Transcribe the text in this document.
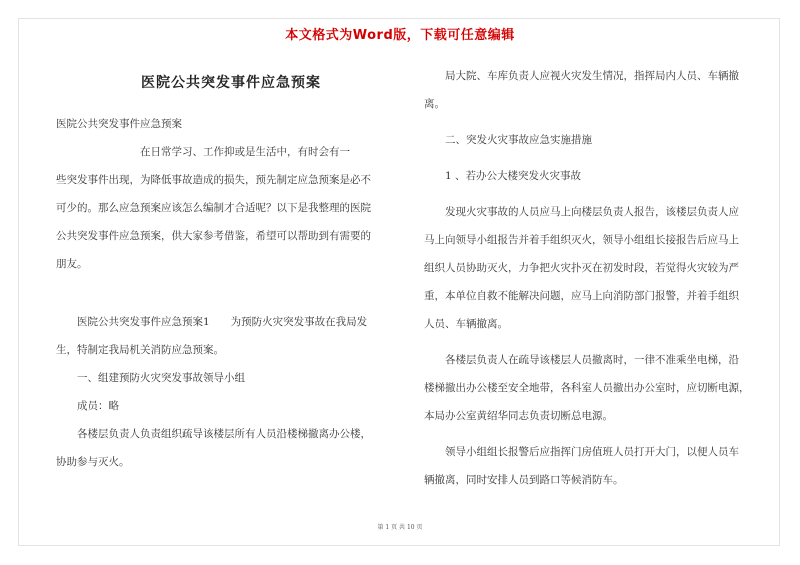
本文格式为Word版，下载可任意编辑
医院公共突发事件应急预案

医院公共突发事件应急预案

在日常学习、工作抑或是生活中，有时会有一

些突发事件出现，为降低事故造成的损失，预先制定应急预案是必不

可少的。那么应急预案应该怎么编制才合适呢？以下是我整理的医院

公共突发事件应急预案，供大家参考借鉴，希望可以帮助到有需要的

朋友。

医院公共突发事件应急预案1　　为预防火灾突发事故在我局发

生，特制定我局机关消防应急预案。

一、组建预防火灾突发事故领导小组

成员：略

各楼层负责人负责组织疏导该楼层所有人员沿楼梯撤离办公楼，

协助参与灭火。

局大院、车库负责人应视火灾发生情况，指挥局内人员、车辆撤

离。

二、突发火灾事故应急实施措施

1 、若办公大楼突发火灾事故

发现火灾事故的人员应马上向楼层负责人报告，该楼层负责人应

马上向领导小组报告并着手组织灭火，领导小组组长接报告后应马上

组织人员协助灭火，力争把火灾扑灭在初发时段，若觉得火灾较为严

重，本单位自救不能解决问题，应马上向消防部门报警，并着手组织

人员、车辆撤离。

各楼层负责人在疏导该楼层人员撤离时，一律不准乘坐电梯，沿

楼梯撤出办公楼至安全地带，各科室人员撤出办公室时，应切断电源，

本局办公室黄绍华同志负责切断总电源。

领导小组组长报警后应指挥门房值班人员打开大门，以便人员车

辆撤离，同时安排人员到路口等候消防车。

第 1 页 共 10 页
